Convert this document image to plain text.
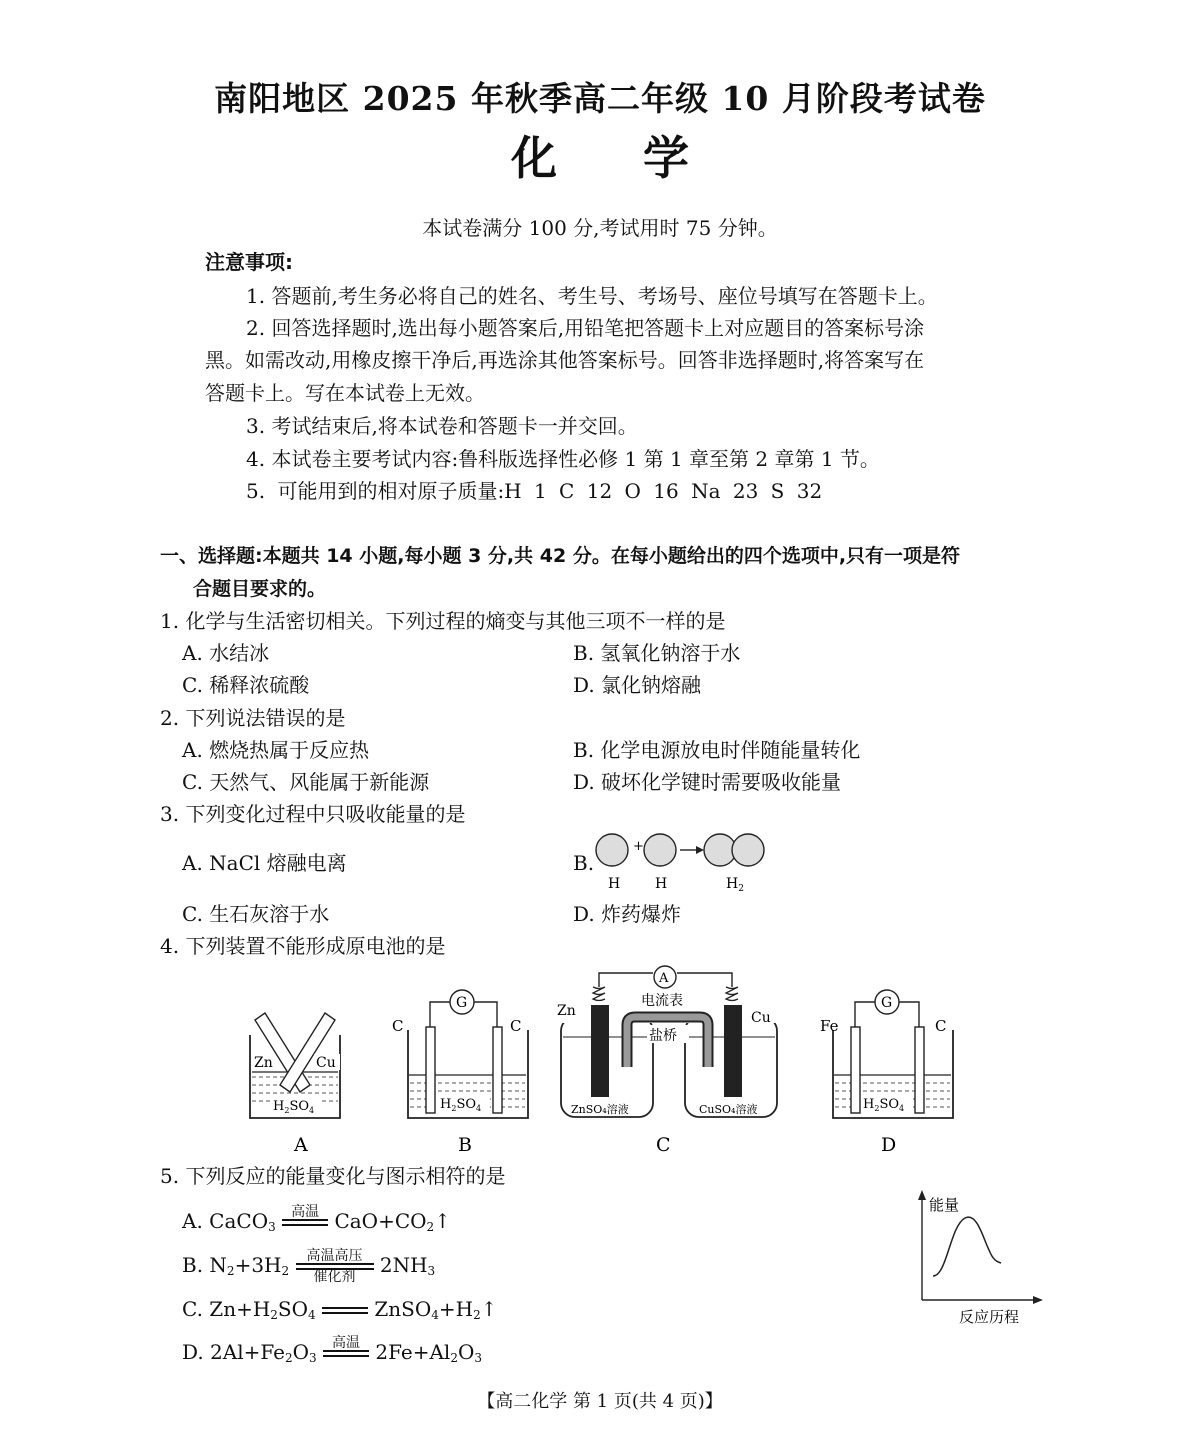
南阳地区 2025 年秋季高二年级 10 月阶段考试卷
化 学
本试卷满分 100 分,考试用时 75 分钟。
注意事项:
1. 答题前,考生务必将自己的姓名、考生号、考场号、座位号填写在答题卡上。
2. 回答选择题时,选出每小题答案后,用铅笔把答题卡上对应题目的答案标号涂
黑。如需改动,用橡皮擦干净后,再选涂其他答案标号。回答非选择题时,将答案写在
答题卡上。写在本试卷上无效。
3. 考试结束后,将本试卷和答题卡一并交回。
4. 本试卷主要考试内容:鲁科版选择性必修 1 第 1 章至第 2 章第 1 节。
5. 可能用到的相对原子质量:H 1 C 12 O 16 Na 23 S 32
一、选择题:本题共 14 小题,每小题 3 分,共 42 分。在每小题给出的四个选项中,只有一项是符
合题目要求的。
1. 化学与生活密切相关。下列过程的熵变与其他三项不一样的是
A. 水结冰	B. 氢氧化钠溶于水
C. 稀释浓硫酸	D. 氯化钠熔融
2. 下列说法错误的是
A. 燃烧热属于反应热	B. 化学电源放电时伴随能量转化
C. 天然气、风能属于新能源	D. 破坏化学键时需要吸收能量
3. 下列变化过程中只吸收能量的是
A. NaCl 熔融电离	B.
+
H H	$H_2$
C. 生石灰溶于水	D. 炸药爆炸
4. 下列装置不能形成原电池的是
Zn	Cu
$H_2SO_4$
A
G
C	C
$H_2SO_4$
B
A
电流表
盐桥
Zn	Cu
ZnSO₄溶液	CuSO₄溶液
C
G
Fe	C
$H_2SO_4$
D
5. 下列反应的能量变化与图示相符的是
A. CaCO$_3$
高温
$CaO+CO_2↑$
B. $N_2+3H_2$
高温高压
催化剂	$2NH_3$
C. $Zn+H_2SO_4$

	$ZnSO_4+H_2↑$
D. $2Al+Fe_2O_3$
高温
$2Fe+Al_2O_3$
能量
反应历程
【高二化学 第 1 页(共 4 页)】
